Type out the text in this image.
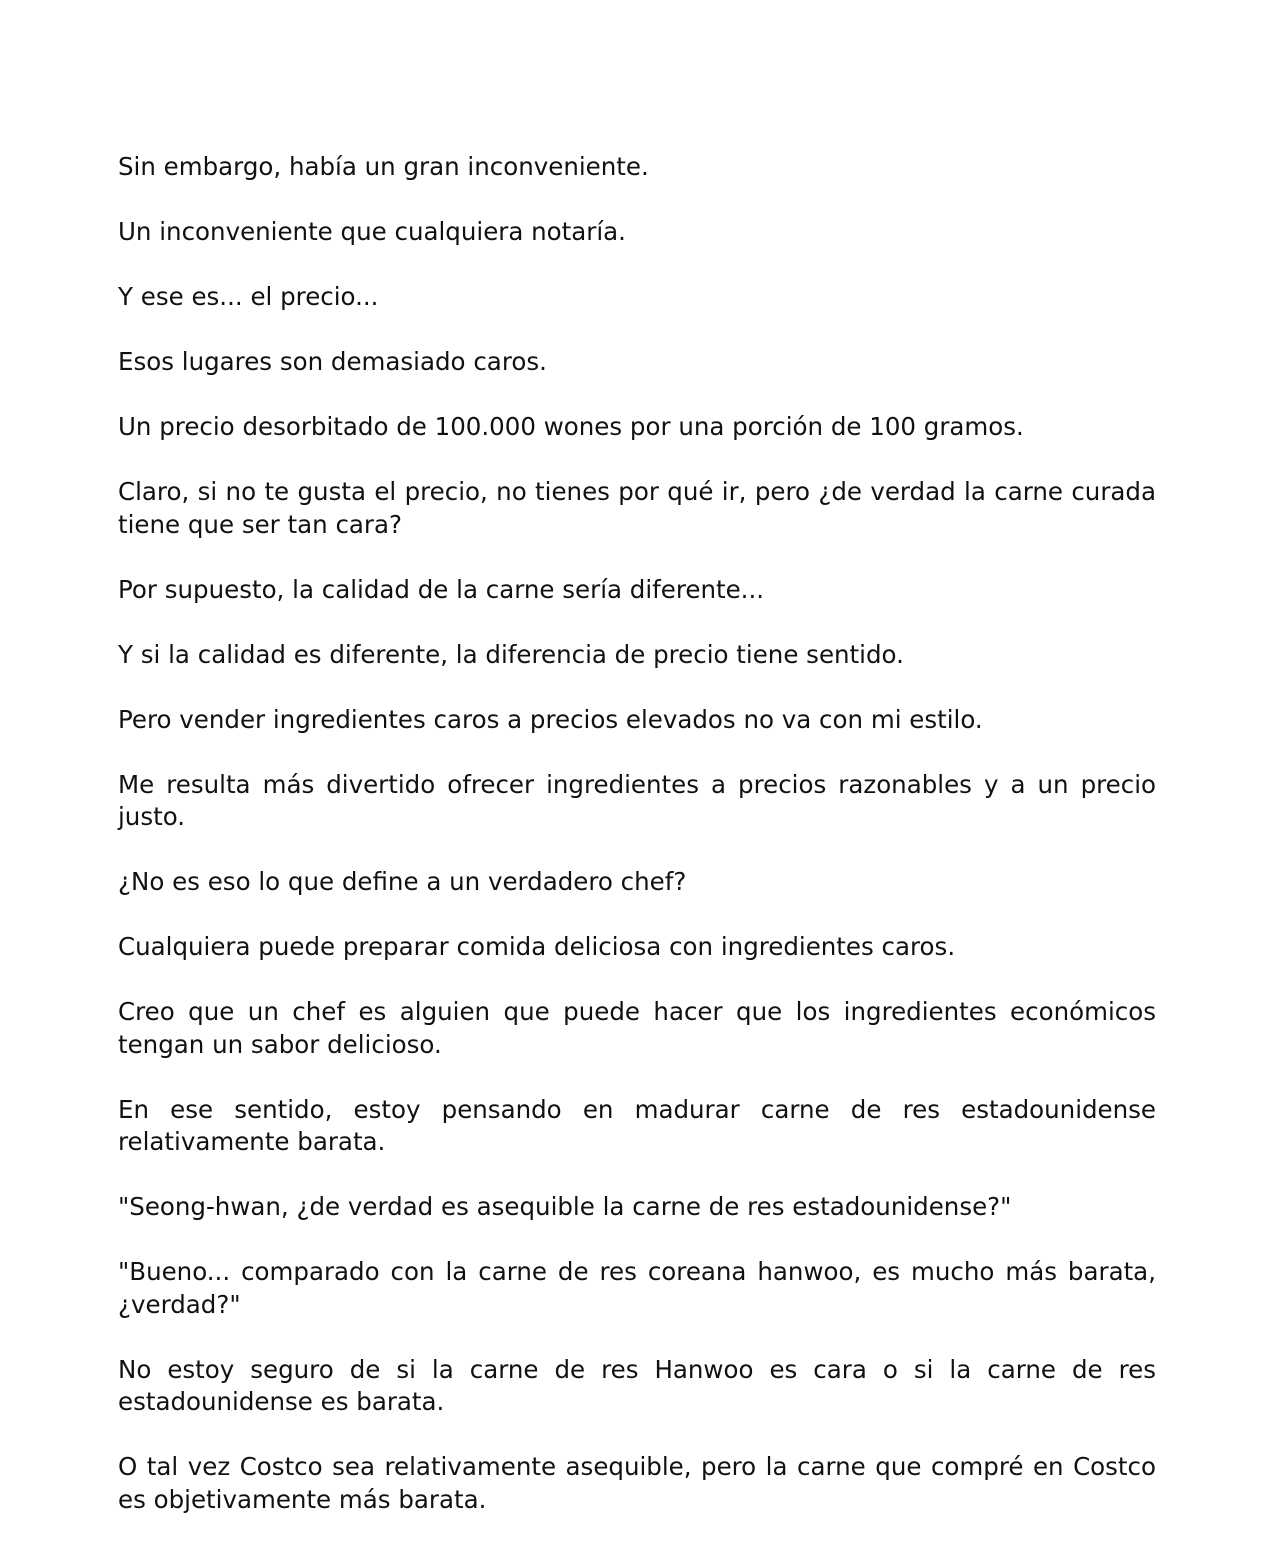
Sin embargo, había un gran inconveniente.

Un inconveniente que cualquiera notaría.

Y ese es... el precio...

Esos lugares son demasiado caros.

Un precio desorbitado de 100.000 wones por una porción de 100 gramos.

Claro, si no te gusta el precio, no tienes por qué ir, pero ¿de verdad la carne curada tiene que ser tan cara?

Por supuesto, la calidad de la carne sería diferente...

Y si la calidad es diferente, la diferencia de precio tiene sentido.

Pero vender ingredientes caros a precios elevados no va con mi estilo.

Me resulta más divertido ofrecer ingredientes a precios razonables y a un precio justo.

¿No es eso lo que define a un verdadero chef?

Cualquiera puede preparar comida deliciosa con ingredientes caros.

Creo que un chef es alguien que puede hacer que los ingredientes económicos tengan un sabor delicioso.

En ese sentido, estoy pensando en madurar carne de res estadounidense relativamente barata.

"Seong-hwan, ¿de verdad es asequible la carne de res estadounidense?"

"Bueno... comparado con la carne de res coreana hanwoo, es mucho más barata, ¿verdad?"

No estoy seguro de si la carne de res Hanwoo es cara o si la carne de res estadounidense es barata.

O tal vez Costco sea relativamente asequible, pero la carne que compré en Costco es objetivamente más barata.
